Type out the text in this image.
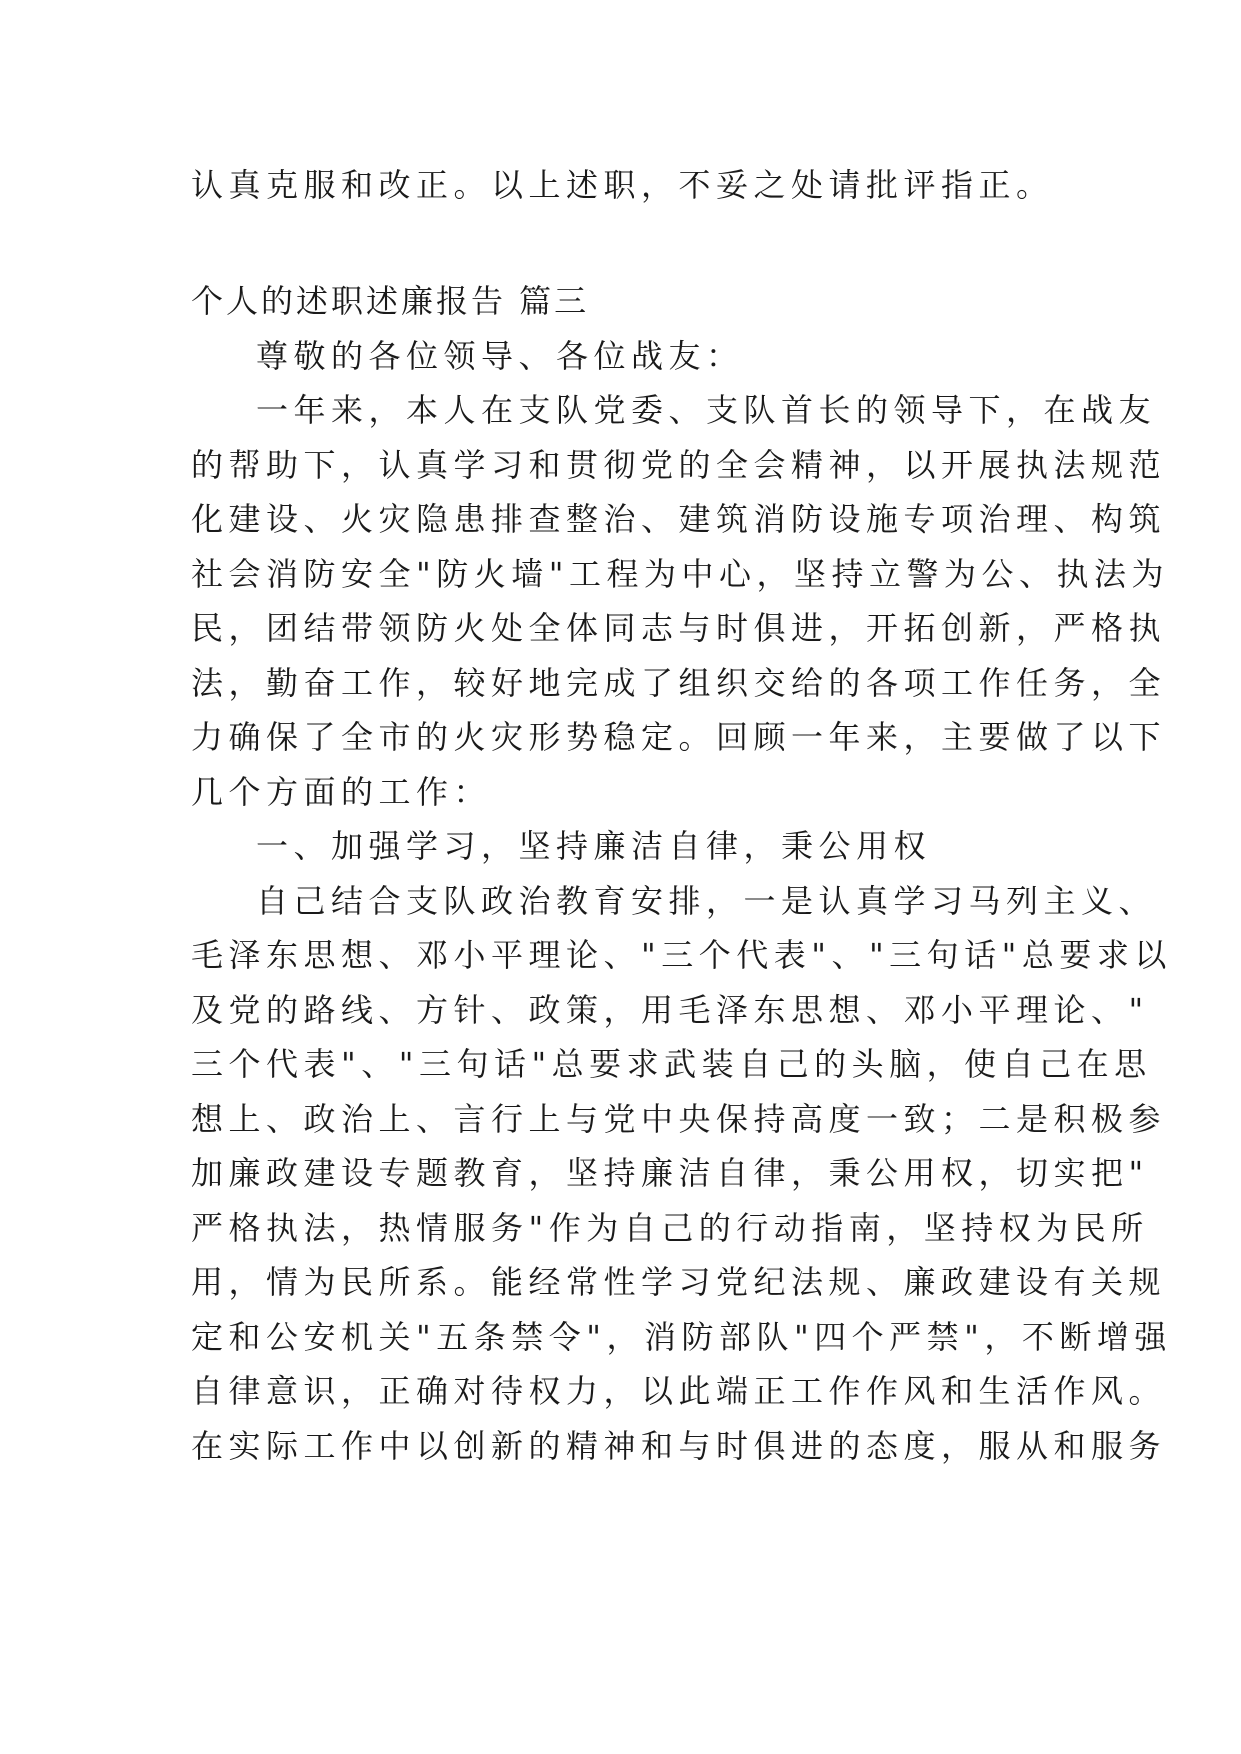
认真克服和改正。以上述职，不妥之处请批评指正。
个人的述职述廉报告 篇三
尊敬的各位领导、各位战友：
一年来，本人在支队党委、支队首长的领导下，在战友
的帮助下，认真学习和贯彻党的全会精神，以开展执法规范
化建设、火灾隐患排查整治、建筑消防设施专项治理、构筑
社会消防安全"防火墙"工程为中心，坚持立警为公、执法为
民，团结带领防火处全体同志与时俱进，开拓创新，严格执
法，勤奋工作，较好地完成了组织交给的各项工作任务，全
力确保了全市的火灾形势稳定。回顾一年来，主要做了以下
几个方面的工作：
一、加强学习，坚持廉洁自律，秉公用权
自己结合支队政治教育安排，一是认真学习马列主义、
毛泽东思想、邓小平理论、"三个代表"、"三句话"总要求以
及党的路线、方针、政策，用毛泽东思想、邓小平理论、"
三个代表"、"三句话"总要求武装自己的头脑，使自己在思
想上、政治上、言行上与党中央保持高度一致；二是积极参
加廉政建设专题教育，坚持廉洁自律，秉公用权，切实把"
严格执法，热情服务"作为自己的行动指南，坚持权为民所
用，情为民所系。能经常性学习党纪法规、廉政建设有关规
定和公安机关"五条禁令"，消防部队"四个严禁"，不断增强
自律意识，正确对待权力，以此端正工作作风和生活作风。
在实际工作中以创新的精神和与时俱进的态度，服从和服务
